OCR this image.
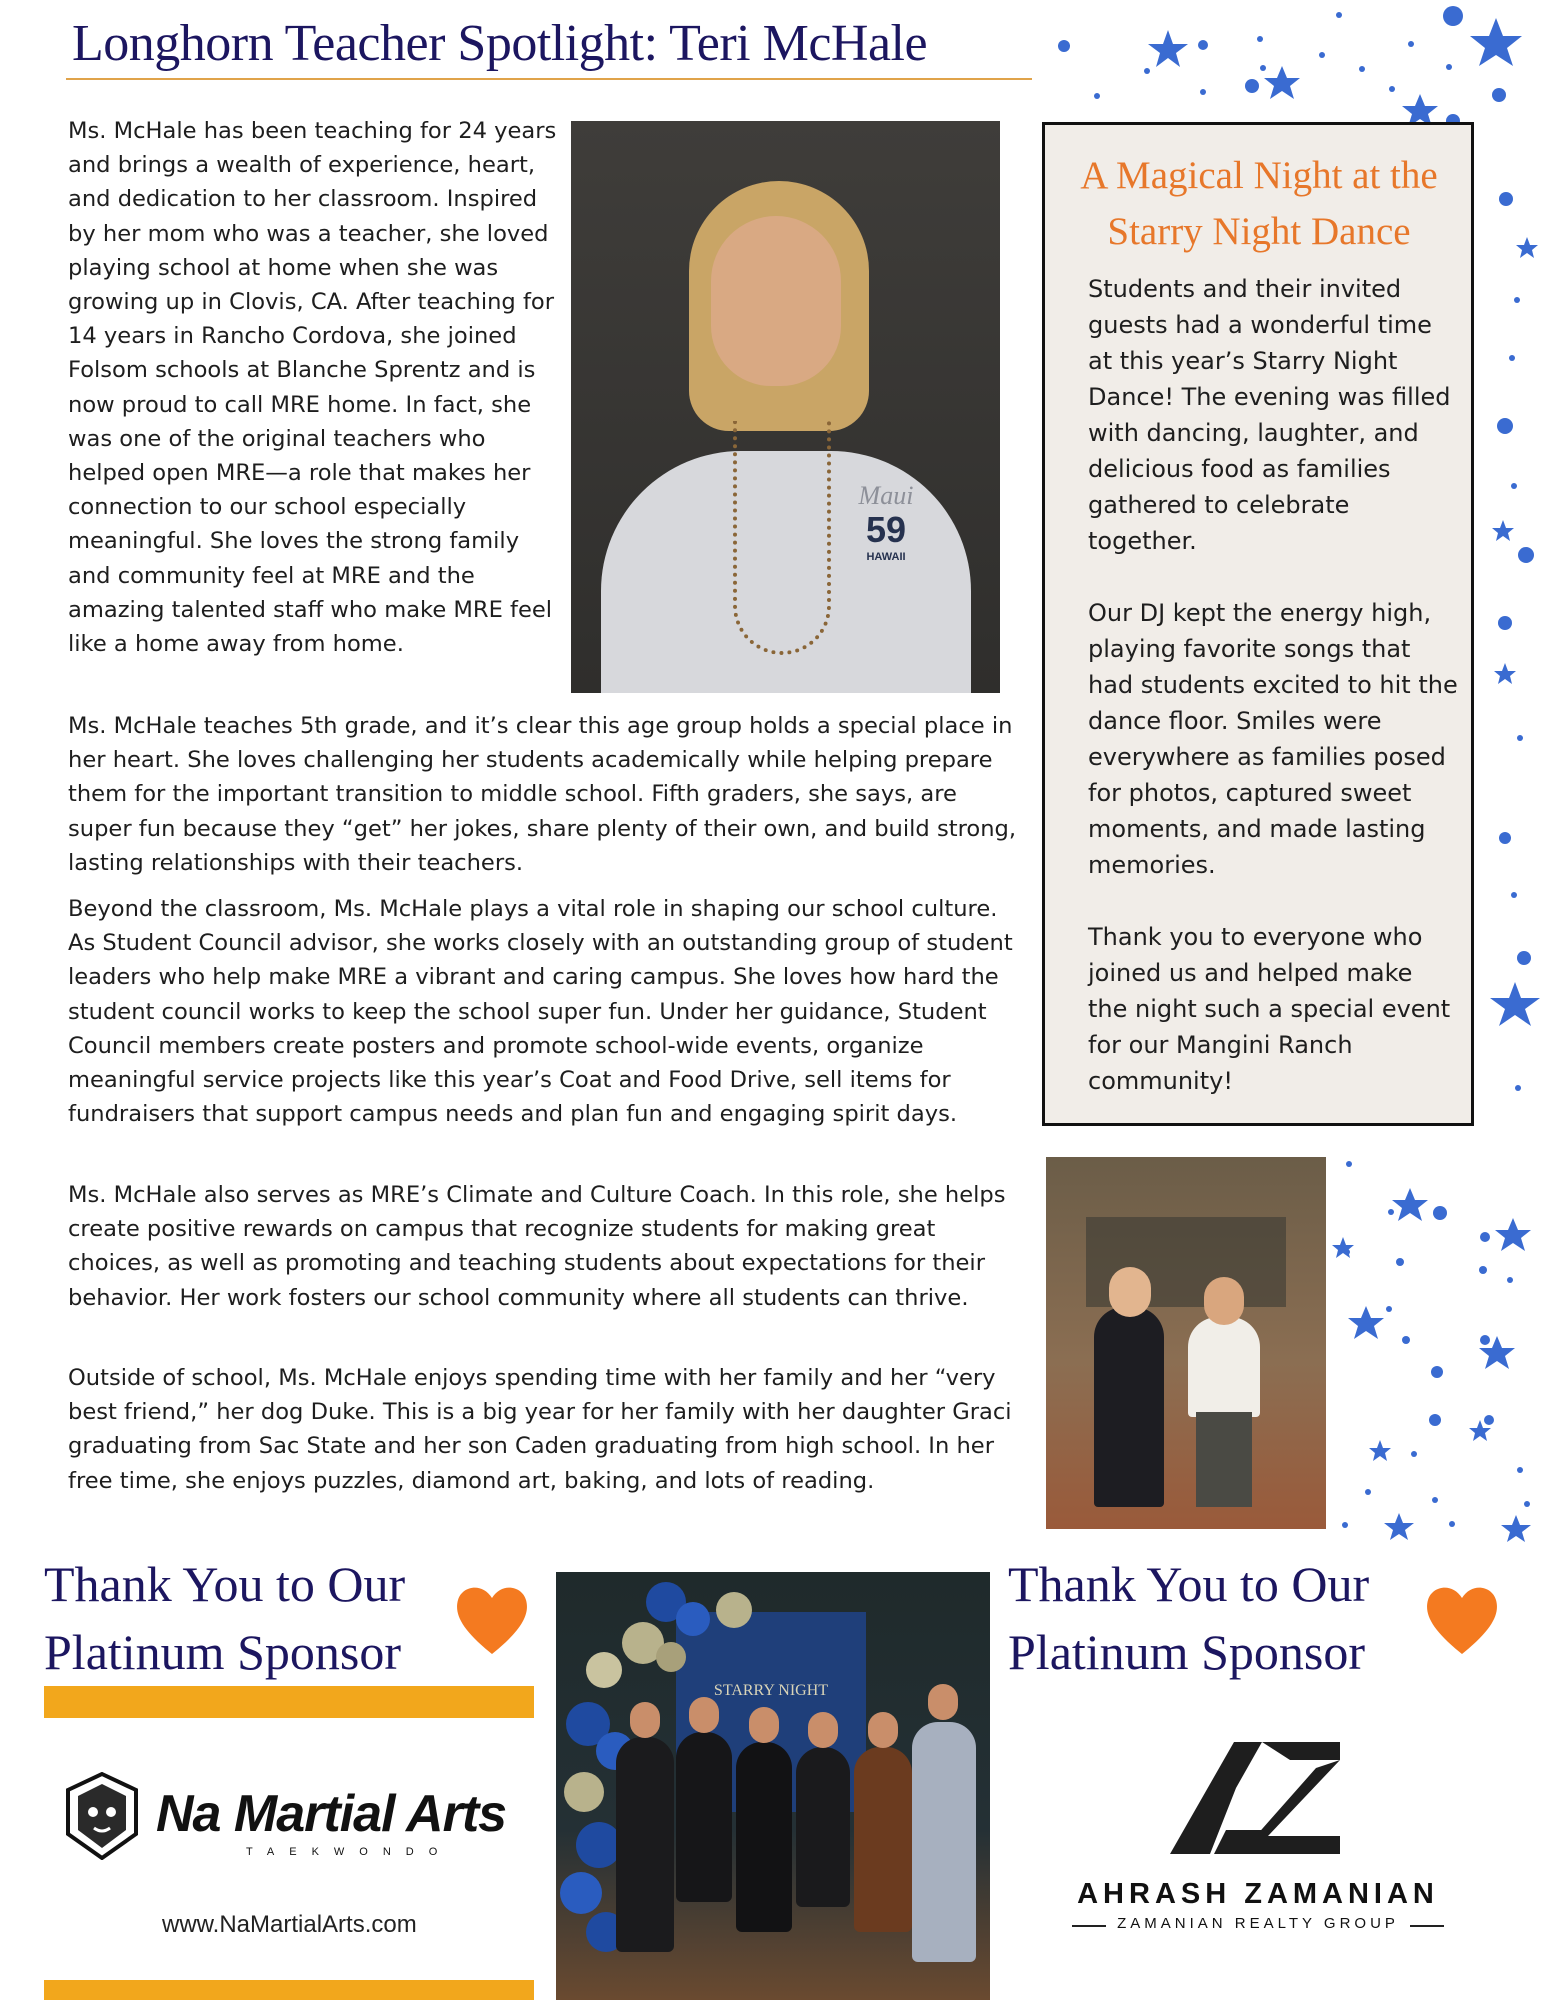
Longhorn Teacher Spotlight: Teri McHale

Ms. McHale has been teaching for 24 years and brings a wealth of experience, heart, and dedication to her classroom. Inspired by her mom who was a teacher, she loved playing school at home when she was growing up in Clovis, CA. After teaching for 14 years in Rancho Cordova, she joined Folsom schools at Blanche Sprentz and is now proud to call MRE home. In fact, she was one of the original teachers who helped open MRE—a role that makes her connection to our school especially meaningful. She loves the strong family and community feel at MRE and the amazing talented staff who make MRE feel like a home away from home.

Maui
59
HAWAII

Ms. McHale teaches 5th grade, and it’s clear this age group holds a special place in her heart. She loves challenging her students academically while helping prepare them for the important transition to middle school. Fifth graders, she says, are super fun because they “get” her jokes, share plenty of their own, and build strong, lasting relationships with their teachers.

Beyond the classroom, Ms. McHale plays a vital role in shaping our school culture. As Student Council advisor, she works closely with an outstanding group of student leaders who help make MRE a vibrant and caring campus. She loves how hard the student council works to keep the school super fun. Under her guidance, Student Council members create posters and promote school-wide events, organize meaningful service projects like this year’s Coat and Food Drive, sell items for fundraisers that support campus needs and plan fun and engaging spirit days.

Ms. McHale also serves as MRE’s Climate and Culture Coach. In this role, she helps create positive rewards on campus that recognize students for making great choices, as well as promoting and teaching students about expectations for their behavior. Her work fosters our school community where all students can thrive.

Outside of school, Ms. McHale enjoys spending time with her family and her “very best friend,” her dog Duke. This is a big year for her family with her daughter Graci graduating from Sac State and her son Caden graduating from high school. In her free time, she enjoys puzzles, diamond art, baking, and lots of reading.

A Magical Night at the Starry Night Dance

Students and their invited guests had a wonderful time at this year’s Starry Night Dance! The evening was filled with dancing, laughter, and delicious food as families gathered to celebrate together.

Our DJ kept the energy high, playing favorite songs that had students excited to hit the dance floor. Smiles were everywhere as families posed for photos, captured sweet moments, and made lasting memories.

Thank you to everyone who joined us and helped make the night such a special event for our Mangini Ranch community!

Thank You to Our
Platinum Sponsor
Thank You to Our
Platinum Sponsor
Na Martial Arts
TAEKWONDO
www.NaMartialArts.com
STARRY NIGHT
AHRASH ZAMANIAN
ZAMANIAN REALTY GROUP
